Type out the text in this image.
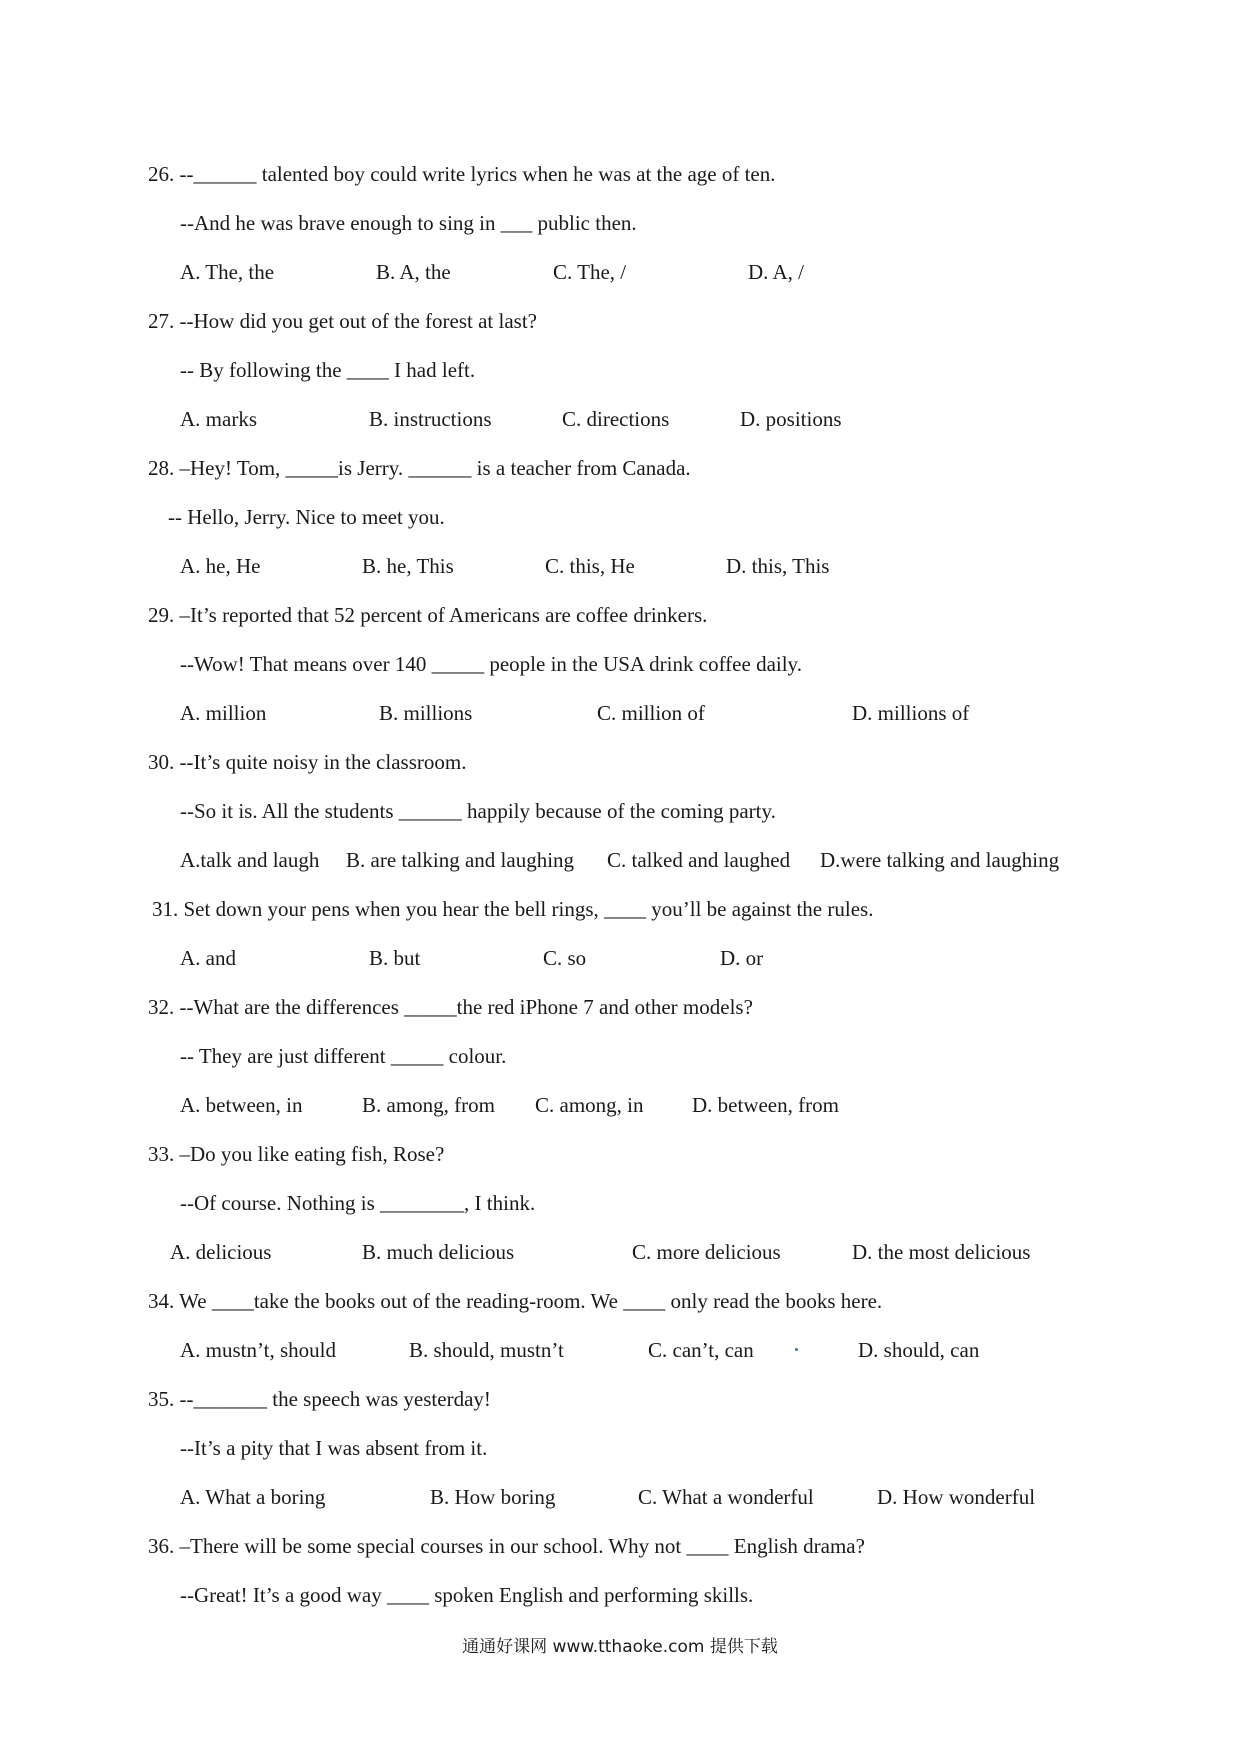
26. --______ talented boy could write lyrics when he was at the age of ten.
--And he was brave enough to sing in ___ public then.
A. The, the	B. A, the	C. The, /	D. A, /
27. --How did you get out of the forest at last?
-- By following the ____ I had left.
A. marks	B. instructions	C. directions	D. positions
28. –Hey! Tom, _____is Jerry. ______ is a teacher from Canada.
-- Hello, Jerry. Nice to meet you.
A. he, He	B. he, This	C. this, He	D. this, This
29. –It’s reported that 52 percent of Americans are coffee drinkers.
--Wow! That means over 140 _____ people in the USA drink coffee daily.
A. million	B. millions	C. million of	D. millions of
30. --It’s quite noisy in the classroom.
--So it is. All the students ______ happily because of the coming party.
A.talk and laugh B. are talking and laughing C. talked and laughed D.were talking and laughing
31. Set down your pens when you hear the bell rings, ____ you’ll be against the rules.
A. and	B. but	C. so	D. or
32. --What are the differences _____the red iPhone 7 and other models?
-- They are just different _____ colour.
A. between, in	B. among, from C. among, in D. between, from
33. –Do you like eating fish, Rose?
--Of course. Nothing is ________, I think.
A. delicious	B. much delicious	C. more delicious	D. the most delicious
34. We ____take the books out of the reading-room. We ____ only read the books here.
A. mustn’t, should	B. should, mustn’t	C. can’t, can	D. should, can
35. --_______ the speech was yesterday!
--It’s a pity that I was absent from it.
A. What a boring	B. How boring	C. What a wonderful	D. How wonderful
36. –There will be some special courses in our school. Why not ____ English drama?
--Great! It’s a good way ____ spoken English and performing skills.
通通好课网 www.tthaoke.com 提供下载
